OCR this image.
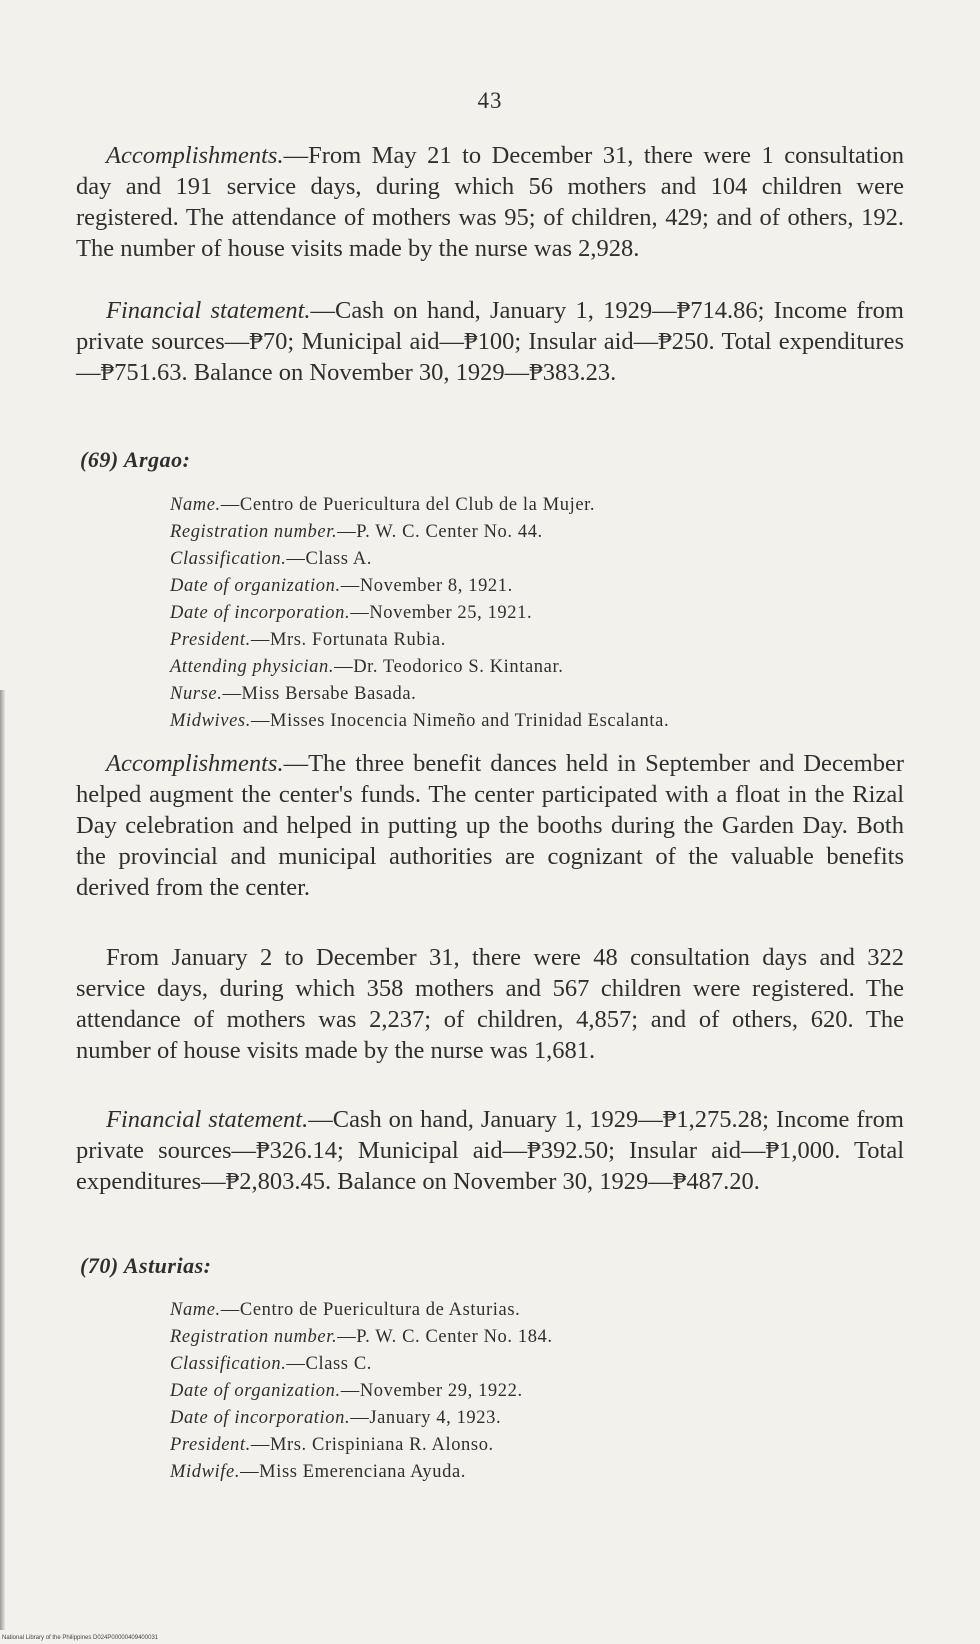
43

Accomplishments.—From May 21 to December 31, there were 1 consultation day and 191 service days, during which 56 mothers and 104 children were registered. The attendance of mothers was 95; of children, 429; and of others, 192. The number of house visits made by the nurse was 2,928.

Financial statement.—Cash on hand, January 1, 1929—₱714.86; Income from private sources—₱70; Municipal aid—₱100; Insular aid—₱250. Total expenditures—₱751.63. Balance on November 30, 1929—₱383.23.

(69) Argao:
Name.—Centro de Puericultura del Club de la Mujer.
Registration number.—P. W. C. Center No. 44.
Classification.—Class A.
Date of organization.—November 8, 1921.
Date of incorporation.—November 25, 1921.
President.—Mrs. Fortunata Rubia.
Attending physician.—Dr. Teodorico S. Kintanar.
Nurse.—Miss Bersabe Basada.
Midwives.—Misses Inocencia Nimeño and Trinidad Escalanta.

Accomplishments.—The three benefit dances held in September and December helped augment the center's funds. The center participated with a float in the Rizal Day celebration and helped in putting up the booths during the Garden Day. Both the provincial and municipal authorities are cognizant of the valuable benefits derived from the center.

From January 2 to December 31, there were 48 consultation days and 322 service days, during which 358 mothers and 567 children were registered. The attendance of mothers was 2,237; of children, 4,857; and of others, 620. The number of house visits made by the nurse was 1,681.

Financial statement.—Cash on hand, January 1, 1929—₱1,275.28; Income from private sources—₱326.14; Municipal aid—₱392.50; Insular aid—₱1,000. Total expenditures—₱2,803.45. Balance on November 30, 1929—₱487.20.

(70) Asturias:
Name.—Centro de Puericultura de Asturias.
Registration number.—P. W. C. Center No. 184.
Classification.—Class C.
Date of organization.—November 29, 1922.
Date of incorporation.—January 4, 1923.
President.—Mrs. Crispiniana R. Alonso.
Midwife.—Miss Emerenciana Ayuda.
National Library of the Philippines D024P00000409400031
